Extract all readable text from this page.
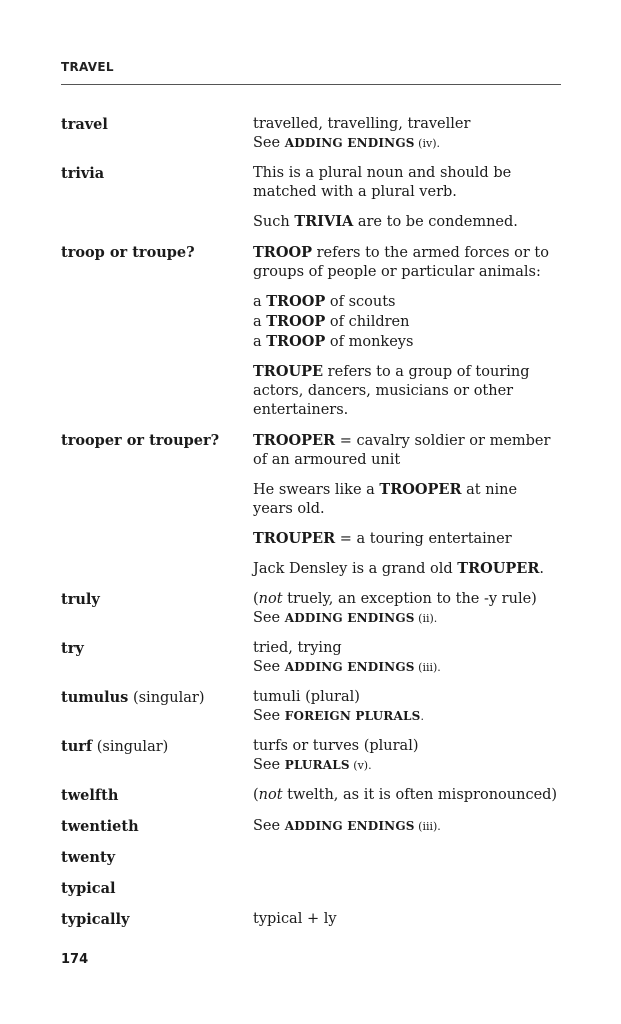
TRAVEL
travel	travelled, travelling, traveller
See ADDING ENDINGS (iv).
trivia	This is a plural noun and should be matched with a plural verb.

Such TRIVIA are to be condemned.

troop or troupe?	TROOP refers to the armed forces or to groups of people or particular animals:

a TROOP of scouts
a TROOP of children
a TROOP of monkeys

TROUPE refers to a group of touring actors, dancers, musicians or other entertainers.

trooper or trouper?	TROOPER = cavalry soldier or member of an armoured unit

He swears like a TROOPER at nine years old.

TROUPER = a touring entertainer

Jack Densley is a grand old TROUPER.

truly	(not truely, an exception to the -y rule)
See ADDING ENDINGS (ii).
try	tried, trying
See ADDING ENDINGS (iii).
tumulus (singular)	tumuli (plural)
See FOREIGN PLURALS.
turf (singular)	turfs or turves (plural)
See PLURALS (v).
twelfth	(not twelth, as it is often mispronounced)
twentieth	See ADDING ENDINGS (iii).
twenty
typical
typically	typical + ly
174
